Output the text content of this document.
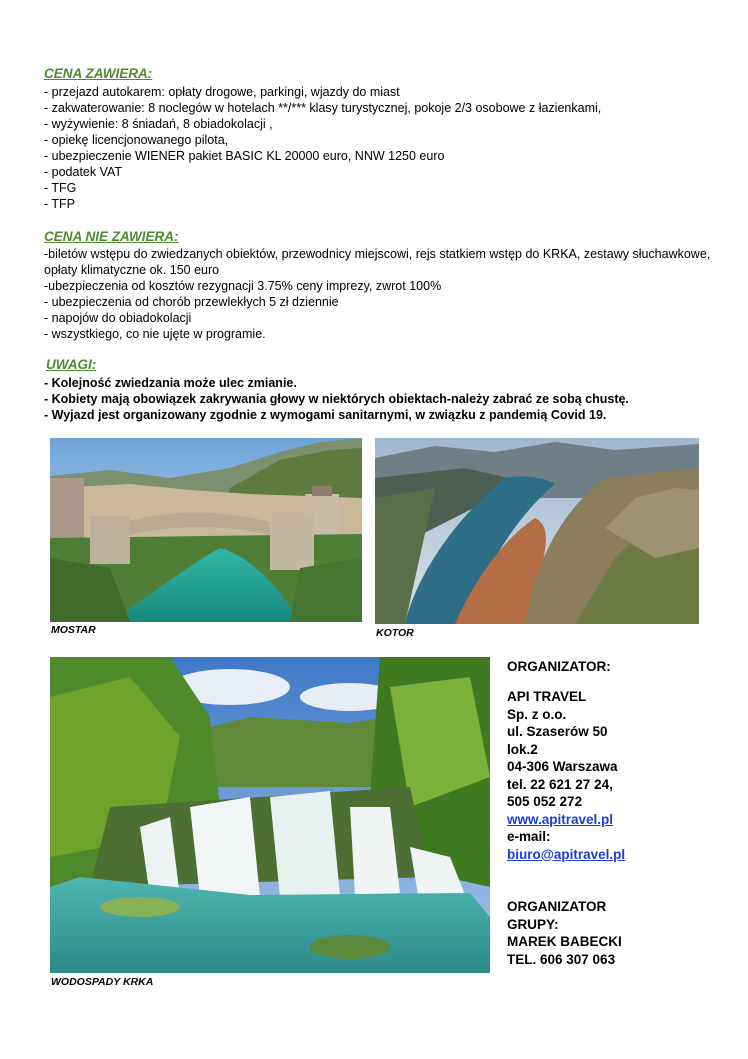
CENA ZAWIERA:
- przejazd autokarem: opłaty drogowe, parkingi, wjazdy do miast
- zakwaterowanie: 8 noclegów w hotelach **/*** klasy turystycznej, pokoje 2/3 osobowe z łazienkami,
- wyżywienie: 8 śniadań, 8 obiadokolacji ,
- opiekę licencjonowanego pilota,
- ubezpieczenie WIENER pakiet BASIC KL 20000 euro, NNW 1250 euro
- podatek VAT
- TFG
- TFP
CENA NIE ZAWIERA:
-biletów wstępu do zwiedzanych obiektów, przewodnicy miejscowi, rejs statkiem wstęp do KRKA, zestawy słuchawkowe, opłaty klimatyczne ok. 150 euro
-ubezpieczenia od kosztów rezygnacji 3.75% ceny imprezy, zwrot 100%
- ubezpieczenia od chorób przewlekłych 5 zł dziennie
- napojów do obiadokolacji
- wszystkiego, co nie ujęte w programie.
UWAGI:
- Kolejność zwiedzania może ulec zmianie.
- Kobiety mają obowiązek zakrywania głowy w niektórych obiektach-należy zabrać ze sobą chustę.
- Wyjazd jest organizowany zgodnie z wymogami sanitarnymi, w związku z pandemią Covid 19.
MOSTAR	KOTOR
WODOSPADY KRKA
ORGANIZATOR:
API TRAVEL
Sp. z o.o.
ul. Szaserów 50
lok.2
04-306 Warszawa
tel. 22 621 27 24,
505 052 272
www.apitravel.pl
e-mail:
biuro@apitravel.pl
ORGANIZATOR
GRUPY:
MAREK BABECKI
TEL. 606 307 063
